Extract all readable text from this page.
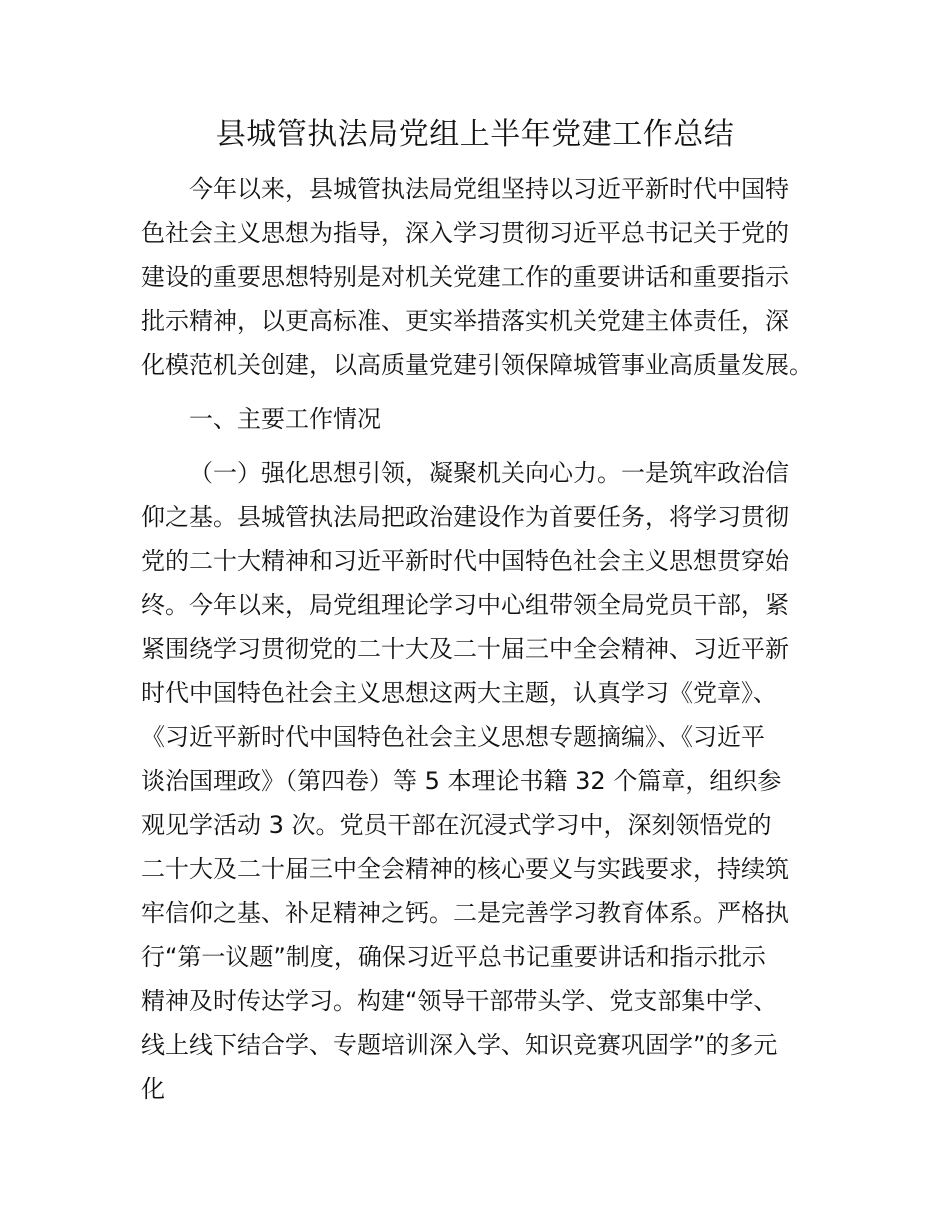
县城管执法局党组上半年党建工作总结
今年以来，县城管执法局党组坚持以习近平新时代中国特
色社会主义思想为指导，深入学习贯彻习近平总书记关于党的
建设的重要思想特别是对机关党建工作的重要讲话和重要指示
批示精神，以更高标准、更实举措落实机关党建主体责任，深
化模范机关创建，以高质量党建引领保障城管事业高质量发展。
一、主要工作情况
（一）强化思想引领，凝聚机关向心力。一是筑牢政治信
仰之基。县城管执法局把政治建设作为首要任务，将学习贯彻
党的二十大精神和习近平新时代中国特色社会主义思想贯穿始
终。今年以来，局党组理论学习中心组带领全局党员干部，紧
紧围绕学习贯彻党的二十大及二十届三中全会精神、习近平新
时代中国特色社会主义思想这两大主题，认真学习《党章》、
《习近平新时代中国特色社会主义思想专题摘编》、《习近平
谈治国理政》（第四卷）等 5 本理论书籍 32 个篇章，组织参
观见学活动 3 次。党员干部在沉浸式学习中，深刻领悟党的
二十大及二十届三中全会精神的核心要义与实践要求，持续筑
牢信仰之基、补足精神之钙。二是完善学习教育体系。严格执
行“第一议题”制度，确保习近平总书记重要讲话和指示批示
精神及时传达学习。构建“领导干部带头学、党支部集中学、
线上线下结合学、专题培训深入学、知识竞赛巩固学”的多元
化
